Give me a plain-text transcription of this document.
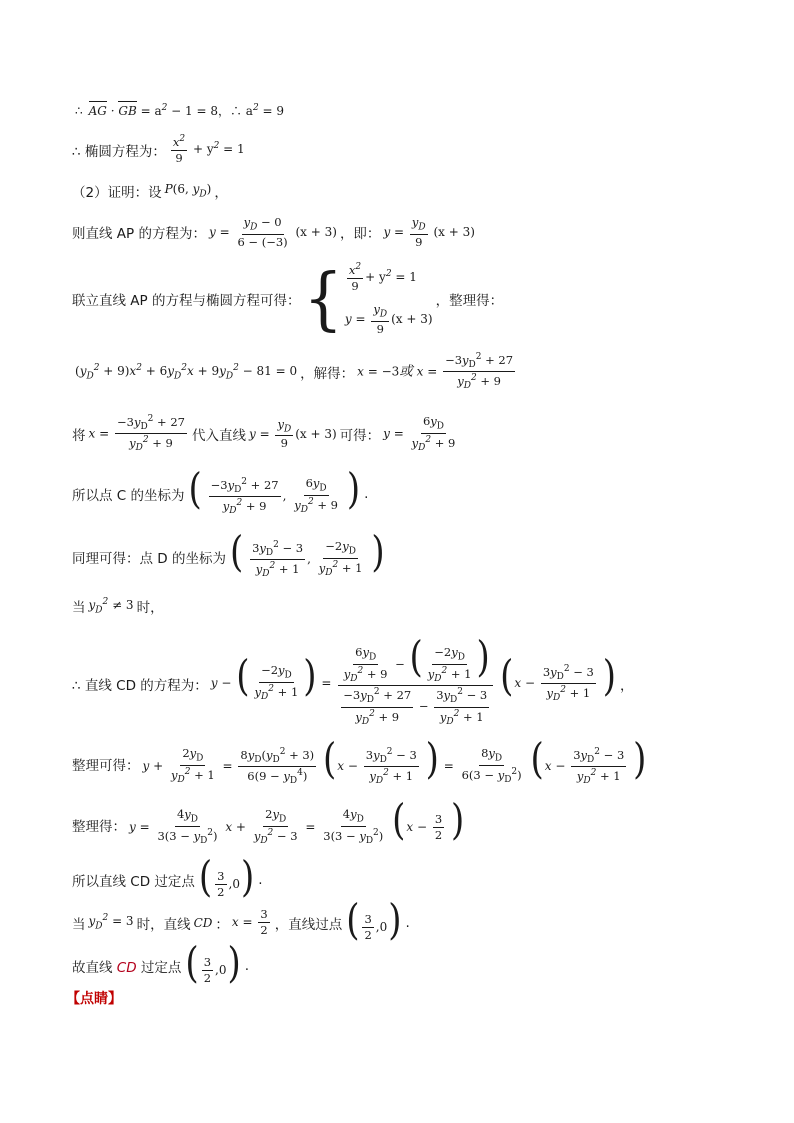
∴ AG · GB = $a^2 - 1 = 8$，∴ $a^2 = 9$
∴ 椭圆方程为： $\frac{x^2}{9} + y^2 = 1$
（2）证明：设 P(6, $y_D$) ，
则直线 AP 的方程为： $y = \frac{y_D - 0}{6 - (-3)} (x + 3)$ ，即： $y = \frac{y_D}{9} (x + 3)$
联立直线 AP 的方程与椭圆方程可得： { $\frac{x^2}{9} + y^2 = 1$
$y = \frac{y_D}{9} (x + 3)$
，整理得：
$(y_D^2 + 9)x^2 + 6y_D^2x + 9y_D^2 - 81 = 0$ ，解得： x = −3或 $x = \frac{-3y_D^2 + 27}{y_D^2 + 9}$
将 $x = \frac{-3y_D^2 + 27}{y_D^2 + 9}$ 代入直线 $y = \frac{y_D}{9} (x + 3)$ 可得： $y = \frac{6y_D}{y_D^2 + 9}$
所以点 C 的坐标为 ( $\frac{-3y_D^2 + 27}{y_D^2 + 9}$ , $\frac{6y_D}{y_D^2 + 9}$ ) .
同理可得：点 D 的坐标为 ( $\frac{3y_D^2 - 3}{y_D^2 + 1}$ , $\frac{-2y_D}{y_D^2 + 1}$ )
当 $y_D^2 \ne 3$ 时，
∴ 直线 CD 的方程为： y − ( $\frac{-2y_D}{y_D^2 + 1}$ ) = $\frac{\frac{6y_D}{y_D^2 + 9} - ( \frac{-2y_D}{y_D^2 + 1} )}{\frac{-3y_D^2 + 27}{y_D^2 + 9} - \frac{3y_D^2 - 3}{y_D^2 + 1}} (x - \frac{3y_D^2 - 3}{y_D^2 + 1}$ ) ，
整理可得： $y + \frac{2y_D}{y_D^2 + 1} = \frac{8y_D(y_D^2 + 3)}{6(9 - y_D^4)} (x - \frac{3y_D^2 - 3}{y_D^2 + 1}$ ) = $\frac{8y_D}{6(3 - y_D^2)} (x - \frac{3y_D^2 - 3}{y_D^2 + 1}$ )
整理得： $y = \frac{4y_D}{3(3 - y_D^2)}$ $x + \frac{2y_D}{y_D^2 - 3} = \frac{4y_D}{3(3 - y_D^2)} (x - \frac{3}{2}$ )
所以直线 CD 过定点 ( $\frac{3}{2} ,0$) .
当 $y_D^2 = 3$ 时，直线 CD ： $x = \frac{3}{2}$ ，直线过点 ( $\frac{3}{2} ,0$) .
故直线 CD 过定点 ( $\frac{3}{2} ,0$) .
【点睛】
